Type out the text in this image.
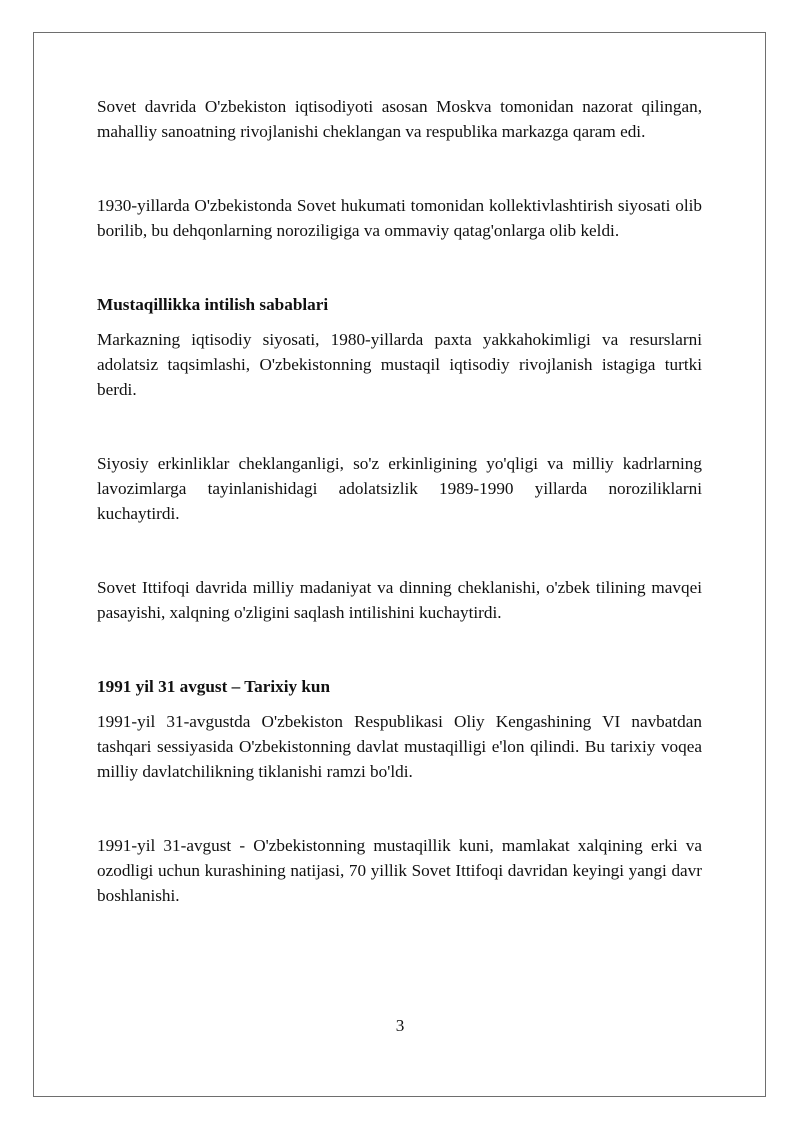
Sovet davrida O'zbekiston iqtisodiyoti asosan Moskva tomonidan nazorat qilingan, mahalliy sanoatning rivojlanishi cheklangan va respublika markazga qaram edi.

1930-yillarda O'zbekistonda Sovet hukumati tomonidan kollektivlashtirish siyosati olib borilib, bu dehqonlarning noroziligiga va ommaviy qatag'onlarga olib keldi.

Mustaqillikka intilish sabablari

Markazning iqtisodiy siyosati, 1980-yillarda paxta yakkahokimligi va resurslarni adolatsiz taqsimlashi, O'zbekistonning mustaqil iqtisodiy rivojlanish istagiga turtki berdi.

Siyosiy erkinliklar cheklanganligi, so'z erkinligining yo'qligi va milliy kadrlarning lavozimlarga tayinlanishidagi adolatsizlik 1989-1990 yillarda noroziliklarni kuchaytirdi.

Sovet Ittifoqi davrida milliy madaniyat va dinning cheklanishi, o'zbek tilining mavqei pasayishi, xalqning o'zligini saqlash intilishini kuchaytirdi.

1991 yil 31 avgust – Tarixiy kun

1991-yil 31-avgustda O'zbekiston Respublikasi Oliy Kengashining VI navbatdan tashqari sessiyasida O'zbekistonning davlat mustaqilligi e'lon qilindi. Bu tarixiy voqea milliy davlatchilikning tiklanishi ramzi bo'ldi.

1991-yil 31-avgust - O'zbekistonning mustaqillik kuni, mamlakat xalqining erki va ozodligi uchun kurashining natijasi, 70 yillik Sovet Ittifoqi davridan keyingi yangi davr boshlanishi.

3
